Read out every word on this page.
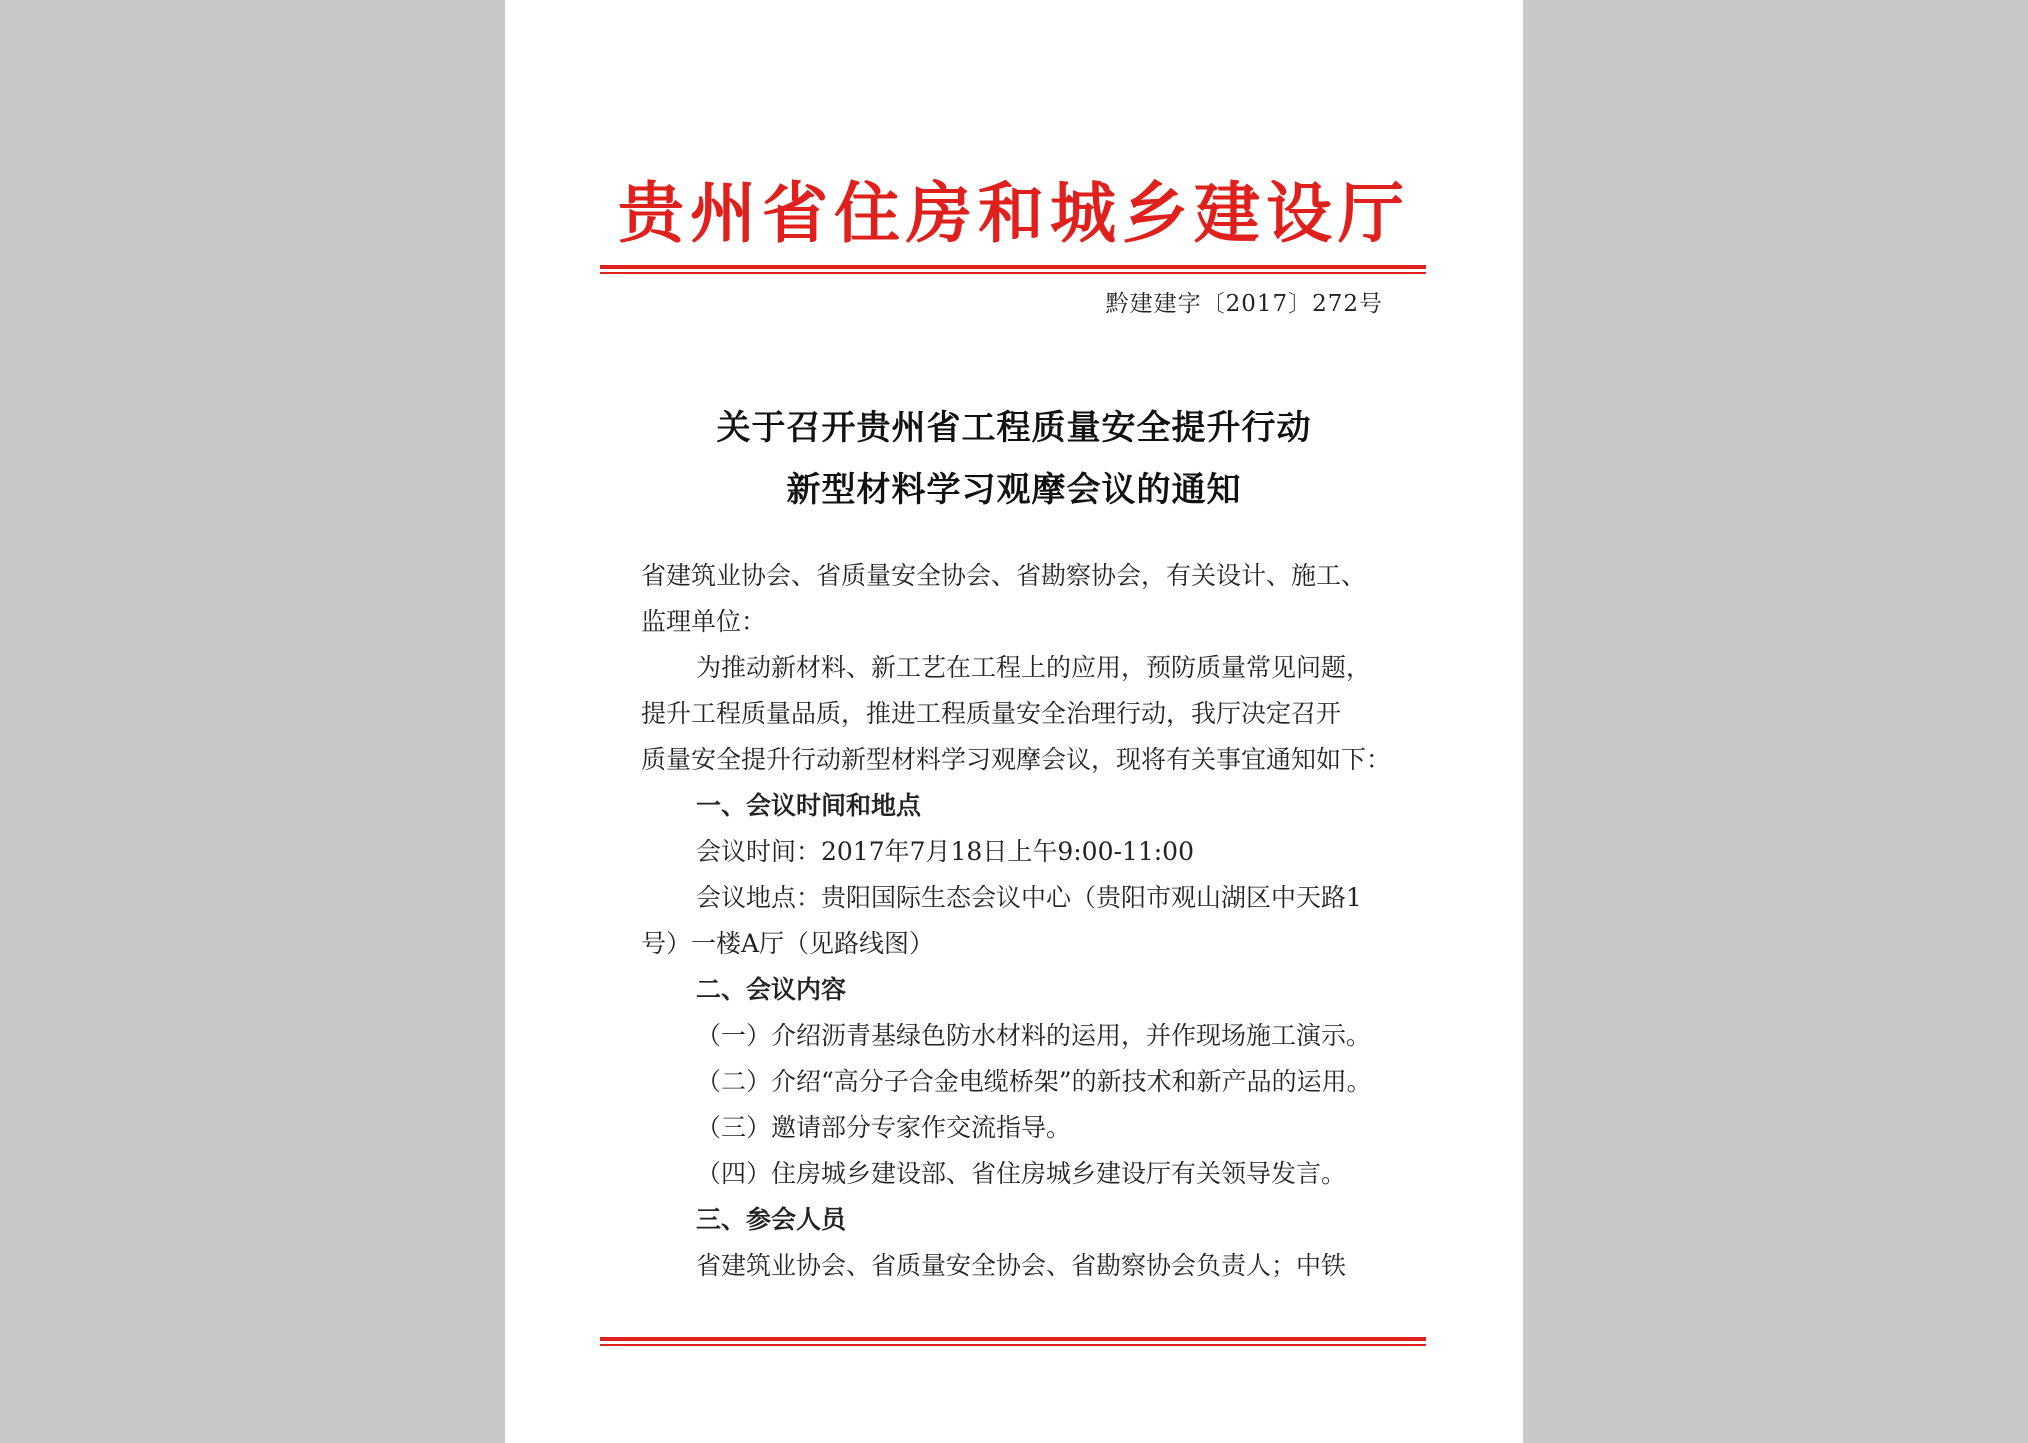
贵州省住房和城乡建设厅
黔建建字〔2017〕272号
关于召开贵州省工程质量安全提升行动
新型材料学习观摩会议的通知
省建筑业协会、省质量安全协会、省勘察协会，有关设计、施工、
监理单位：
为推动新材料、新工艺在工程上的应用，预防质量常见问题，
提升工程质量品质，推进工程质量安全治理行动，我厅决定召开
质量安全提升行动新型材料学习观摩会议，现将有关事宜通知如下：
一、会议时间和地点
会议时间：2017年7月18日上午9:00-11:00
会议地点：贵阳国际生态会议中心（贵阳市观山湖区中天路1
号）一楼A厅（见路线图）
二、会议内容
（一）介绍沥青基绿色防水材料的运用，并作现场施工演示。
（二）介绍“高分子合金电缆桥架”的新技术和新产品的运用。
（三）邀请部分专家作交流指导。
（四）住房城乡建设部、省住房城乡建设厅有关领导发言。
三、参会人员
省建筑业协会、省质量安全协会、省勘察协会负责人；中铁
